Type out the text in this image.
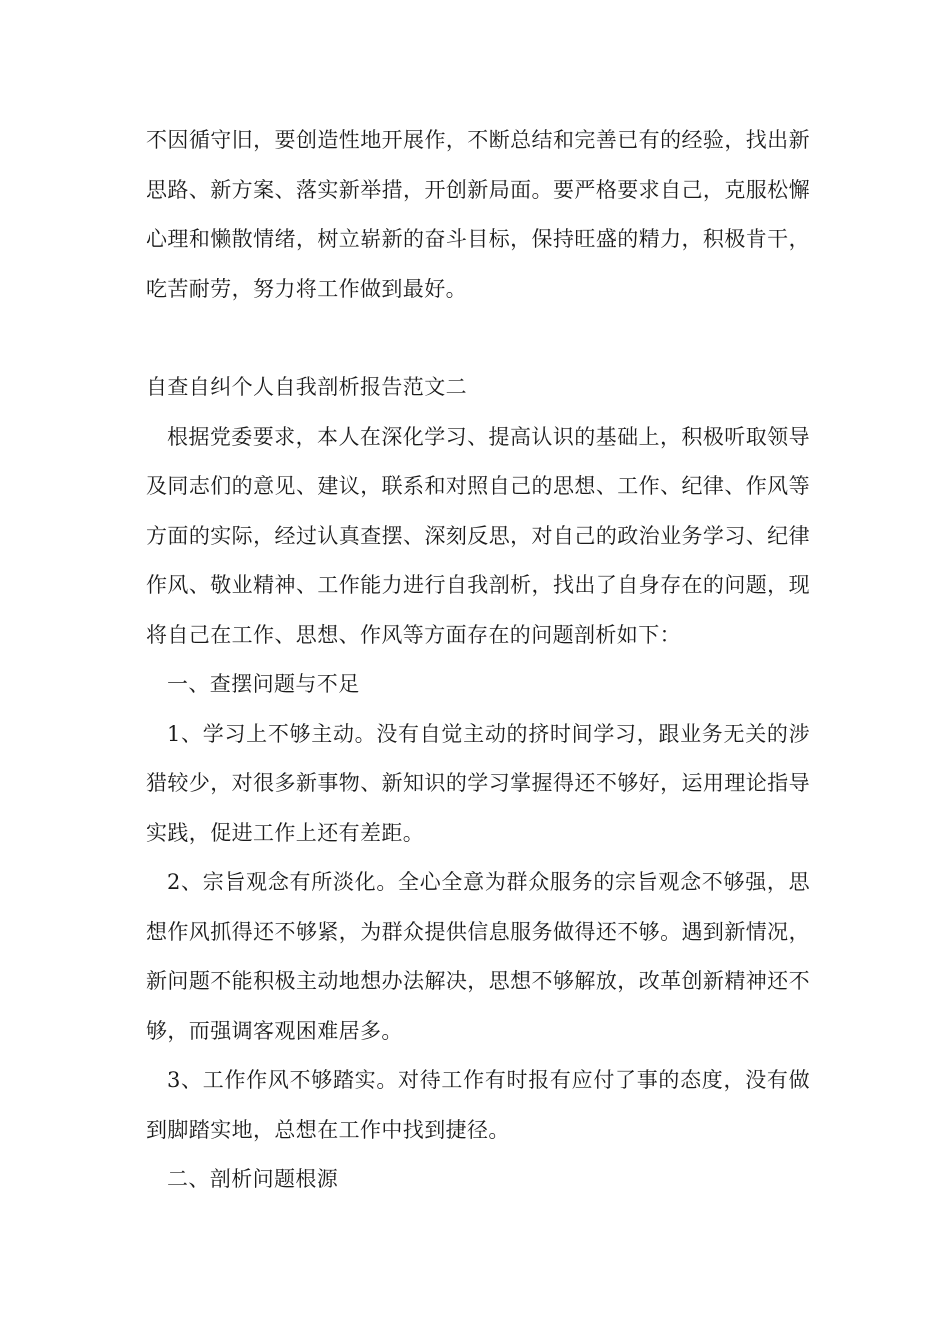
不因循守旧，要创造性地开展作，不断总结和完善已有的经验，找出新思路、新方案、落实新举措，开创新局面。要严格要求自己，克服松懈心理和懒散情绪，树立崭新的奋斗目标，保持旺盛的精力，积极肯干，吃苦耐劳，努力将工作做到最好。

自查自纠个人自我剖析报告范文二

根据党委要求，本人在深化学习、提高认识的基础上，积极听取领导及同志们的意见、建议，联系和对照自己的思想、工作、纪律、作风等方面的实际，经过认真查摆、深刻反思，对自己的政治业务学习、纪律作风、敬业精神、工作能力进行自我剖析，找出了自身存在的问题，现将自己在工作、思想、作风等方面存在的问题剖析如下：

一、查摆问题与不足

1、学习上不够主动。没有自觉主动的挤时间学习，跟业务无关的涉猎较少，对很多新事物、新知识的学习掌握得还不够好，运用理论指导实践，促进工作上还有差距。

2、宗旨观念有所淡化。全心全意为群众服务的宗旨观念不够强，思想作风抓得还不够紧，为群众提供信息服务做得还不够。遇到新情况，新问题不能积极主动地想办法解决，思想不够解放，改革创新精神还不够，而强调客观困难居多。

3、工作作风不够踏实。对待工作有时报有应付了事的态度，没有做到脚踏实地，总想在工作中找到捷径。

二、剖析问题根源
